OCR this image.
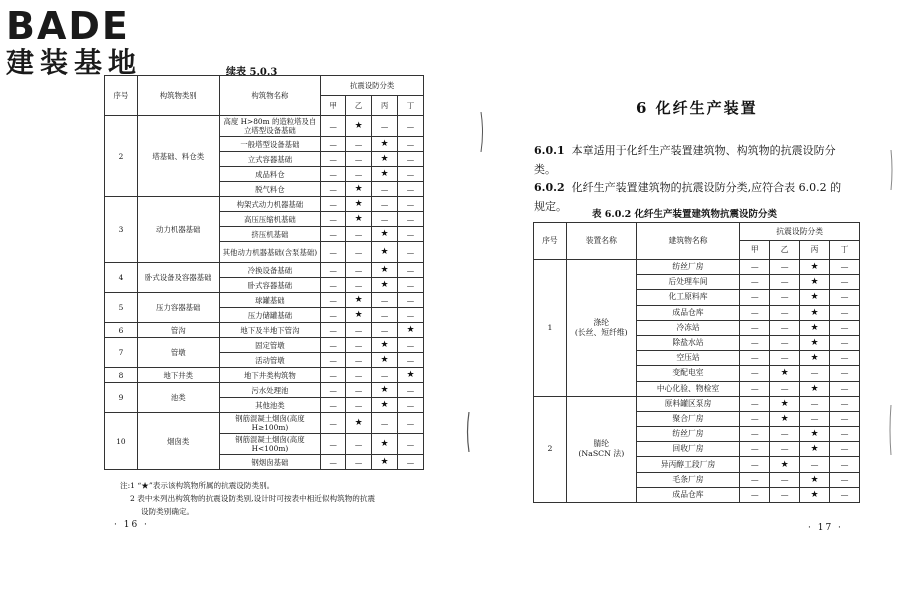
BADE
建装基地	续表 5.0.3
序号	构筑物类别	构筑物名称	抗震设防分类			
			甲	乙	丙	丁
2	塔基础、料仓类	高度 H>80m 的造粒塔及自立塔型设备基础	—	★	—	—
		一般塔型设备基础	—	—	★	—
		立式容器基础	—	—	★	—
		成品料仓	—	—	★	—
		脱气料仓	—	★	—	—
3	动力机器基础	构架式动力机器基础	—	★	—	—
		高压压缩机基础	—	★	—	—
		挤压机基础	—	—	★	—
		其他动力机器基础(含泵基础)	—	—	★	—
4	卧式设备及容器基础	冷换设备基础	—	—	★	—
		卧式容器基础	—	—	★	—
5	压力容器基础	球罐基础	—	★	—	—
		压力储罐基础	—	★	—	—
6	管沟	地下及半地下管沟	—	—	—	★
7	管墩	固定管墩	—	—	★	—
		活动管墩	—	—	★	—
8	地下井类	地下井类构筑物	—	—	—	★
9	池类	污水处理池	—	—	★	—
		其他池类	—	—	★	—
10	烟囱类	钢筋混凝土烟囱(高度 H≥100m)	—	★	—	—
		钢筋混凝土烟囱(高度 H<100m)	—	—	★	—
		钢烟囱基础	—	—	★	—
注:1 “★”表示该构筑物所属的抗震设防类别。
2 表中未列出构筑物的抗震设防类别,设计时可按表中相近似构筑物的抗震
设防类别确定。
· 16 ·
6 化纤生产装置
6.0.1 本章适用于化纤生产装置建筑物、构筑物的抗震设防分
类。
6.0.2 化纤生产装置建筑物的抗震设防分类,应符合表 6.0.2 的
规定。
表 6.0.2 化纤生产装置建筑物抗震设防分类
序号	装置名称	建筑物名称	抗震设防分类			
			甲	乙	丙	丁
1	涤纶
(长丝、短纤维)	纺丝厂房	—	—	★	—
		后处理车间	—	—	★	—
		化工原料库	—	—	★	—
		成品仓库	—	—	★	—
		冷冻站	—	—	★	—
		除盐水站	—	—	★	—
		空压站	—	—	★	—
		变配电室	—	★	—	—
		中心化验、物检室	—	—	★	—
2	腈纶
(NaSCN 法)	原料罐区泵房	—	★	—	—
		聚合厂房	—	★	—	—
		纺丝厂房	—	—	★	—
		回收厂房	—	—	★	—
		异丙醇工段厂房	—	★	—	—
		毛条厂房	—	—	★	—
		成品仓库	—	—	★	—
· 17 ·
